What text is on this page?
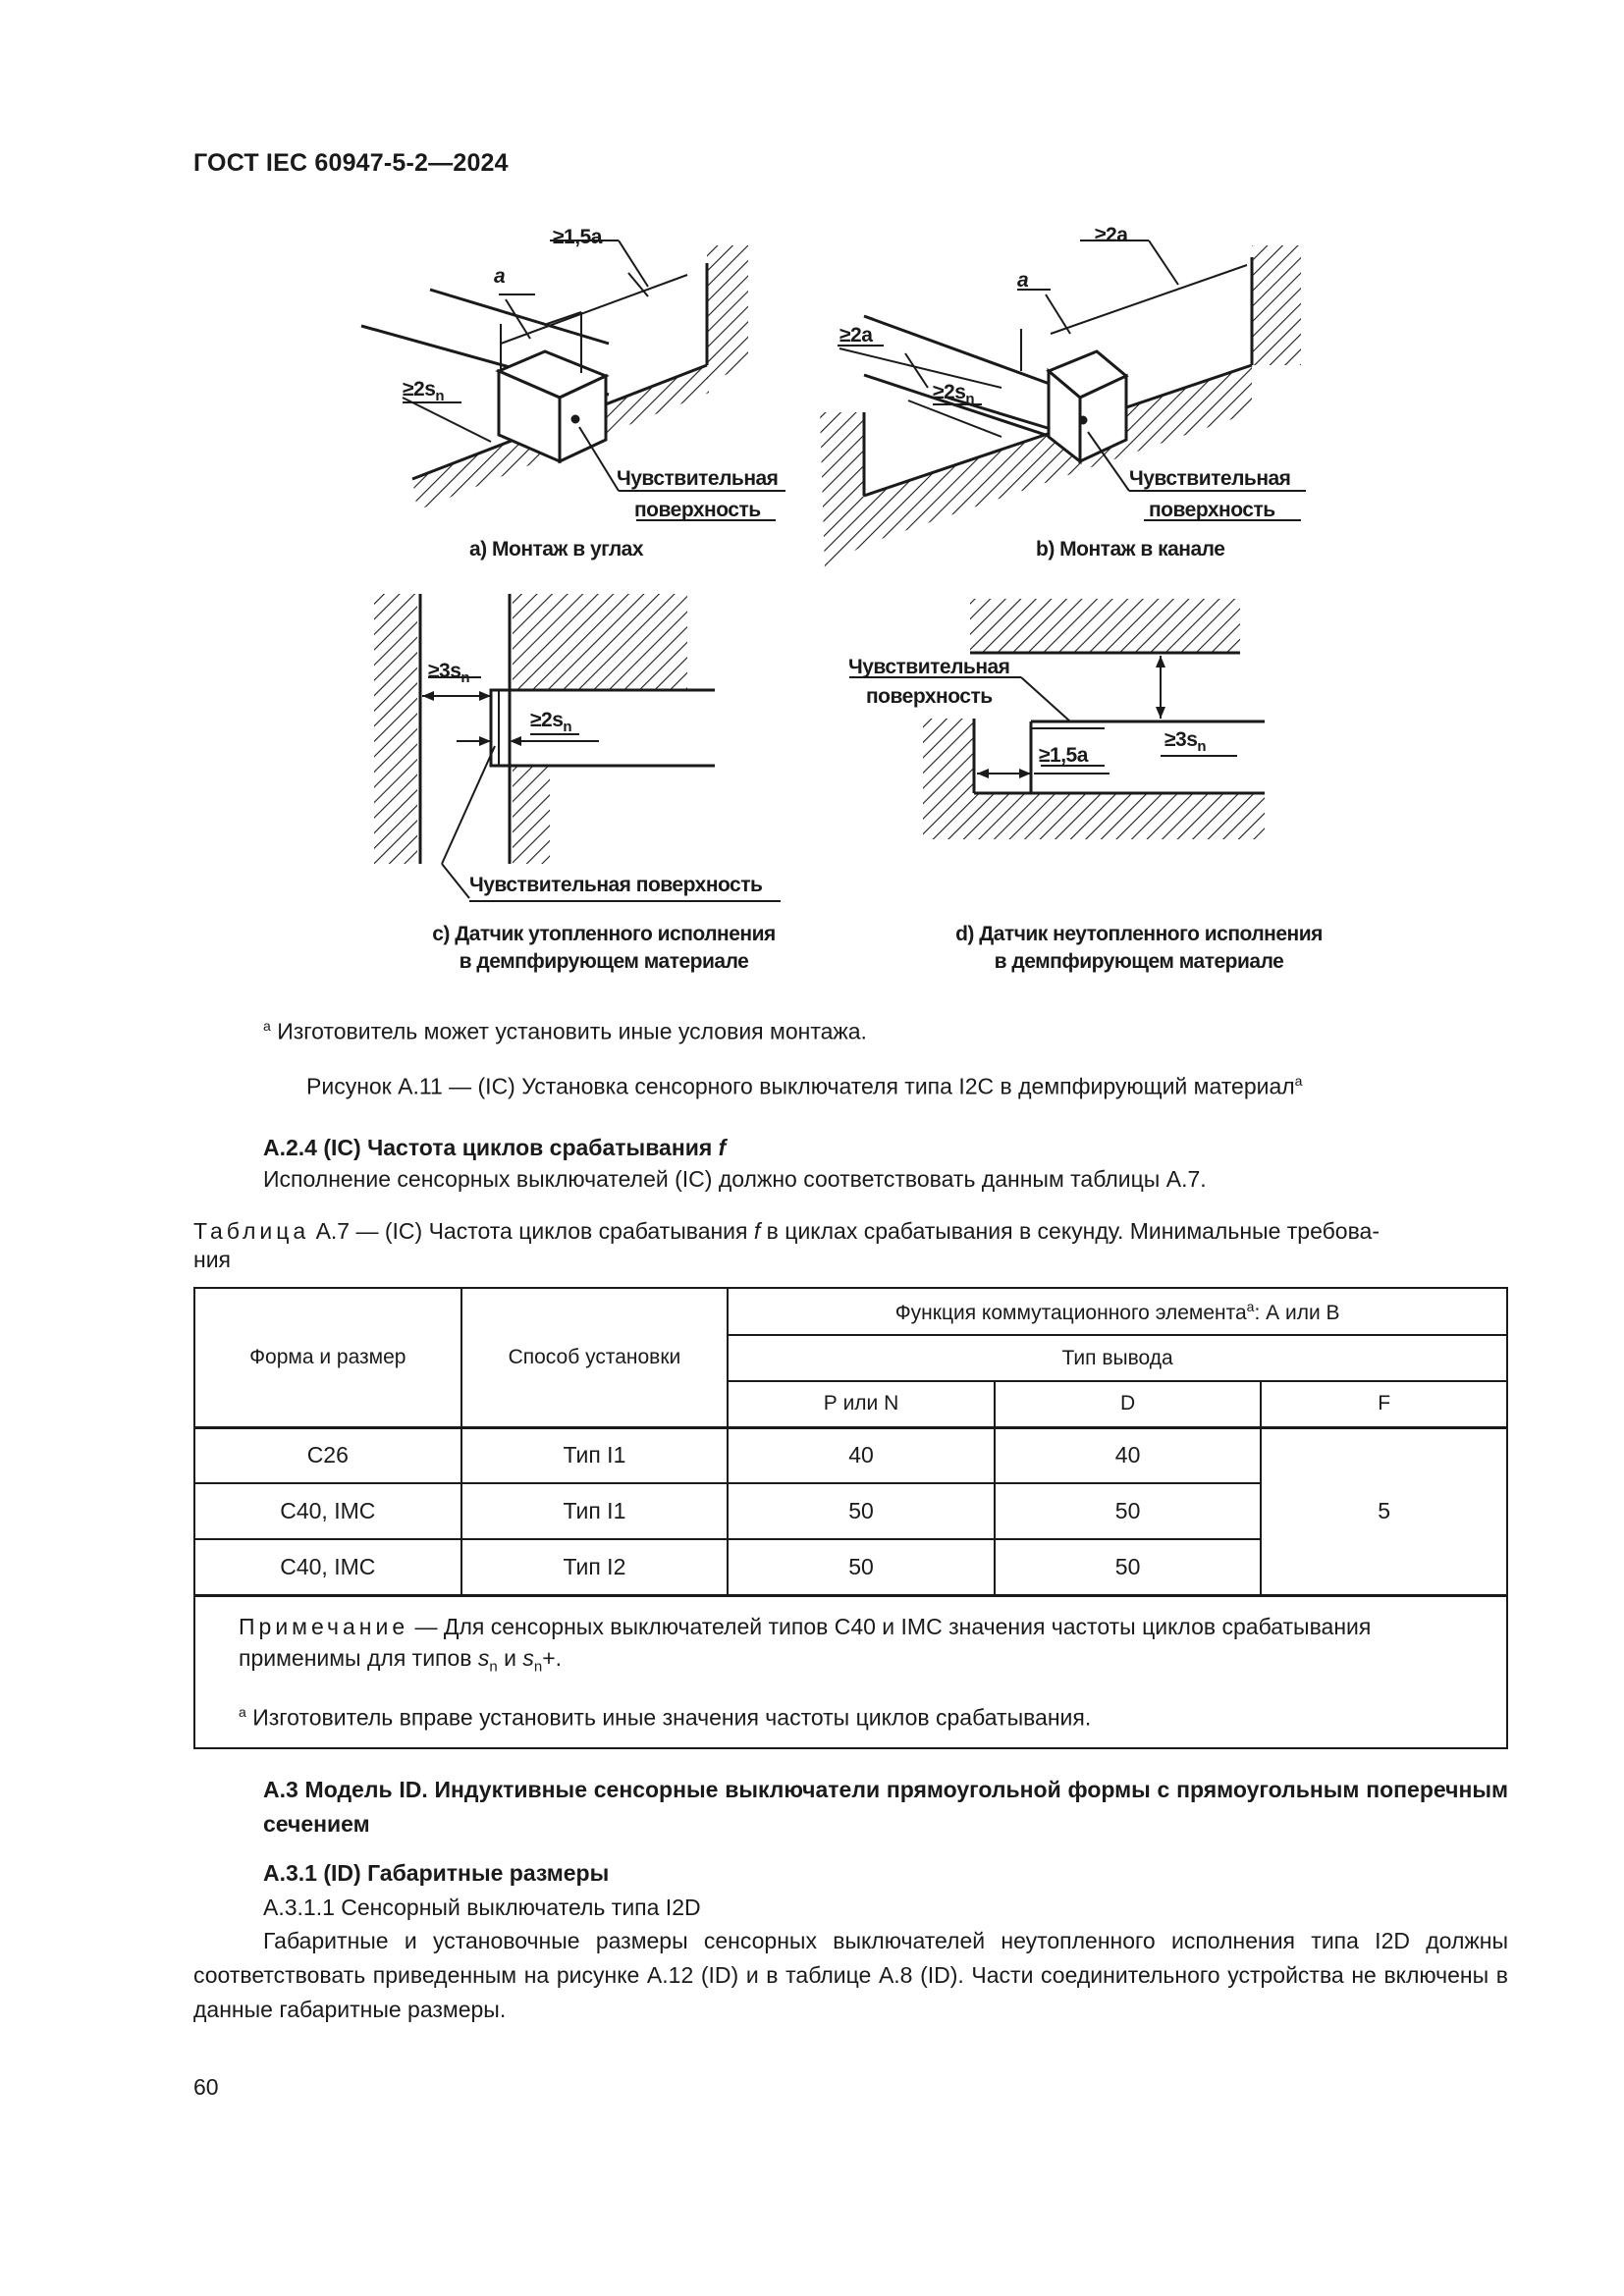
ГОСТ IEC 60947-5-2—2024
≥1,5a
a
$\ge 2s_n$
Чувствительная
поверхность
а) Монтаж в углах
≥2a
a
≥2a
$\ge 2s_n$
Чувствительная
поверхность
b) Монтаж в канале
$\ge 3s_n$
$\ge 2s_n$
Чувствительная поверхность
с) Датчик утопленного исполнения
в демпфирующем материале
Чувствительная
поверхность
≥1,5a
$\ge 3s_n$
d) Датчик неутопленного исполнения
в демпфирующем материале
$^a$ Изготовитель может установить иные условия монтажа.
Рисунок А.11 — (IC) Установка сенсорного выключателя типа I2C в демпфирующий материал$^a$
А.2.4 (IC) Частота циклов срабатывания f
Исполнение сенсорных выключателей (IC) должно соответствовать данным таблицы А.7.
Таблица А.7 — (IC) Частота циклов срабатывания f в циклах срабатывания в секунду. Минимальные требова-
ния
Форма и размер	Способ установки	Функция коммутационного элемента$^a$: А или В		
		Тип вывода		
		Р или N	D	F
С26	Тип I1	40	40	5
С40, IMC	Тип I1	50	50	
С40, IMC	Тип I2	50	50	

Примечание — Для сенсорных выключателей типов С40 и IMC значения частоты циклов срабатывания применимы для типов $s_n$ и $s_n+$.
$^a$ Изготовитель вправе установить иные значения частоты циклов срабатывания.				
А.3 Модель ID. Индуктивные сенсорные выключатели прямоугольной формы с прямоугольным поперечным сечением
А.3.1 (ID) Габаритные размеры
А.3.1.1 Сенсорный выключатель типа I2D
Габаритные и установочные размеры сенсорных выключателей неутопленного исполнения типа I2D должны соответствовать приведенным на рисунке А.12 (ID) и в таблице А.8 (ID). Части соединительного устройства не включены в данные габаритные размеры.
60
